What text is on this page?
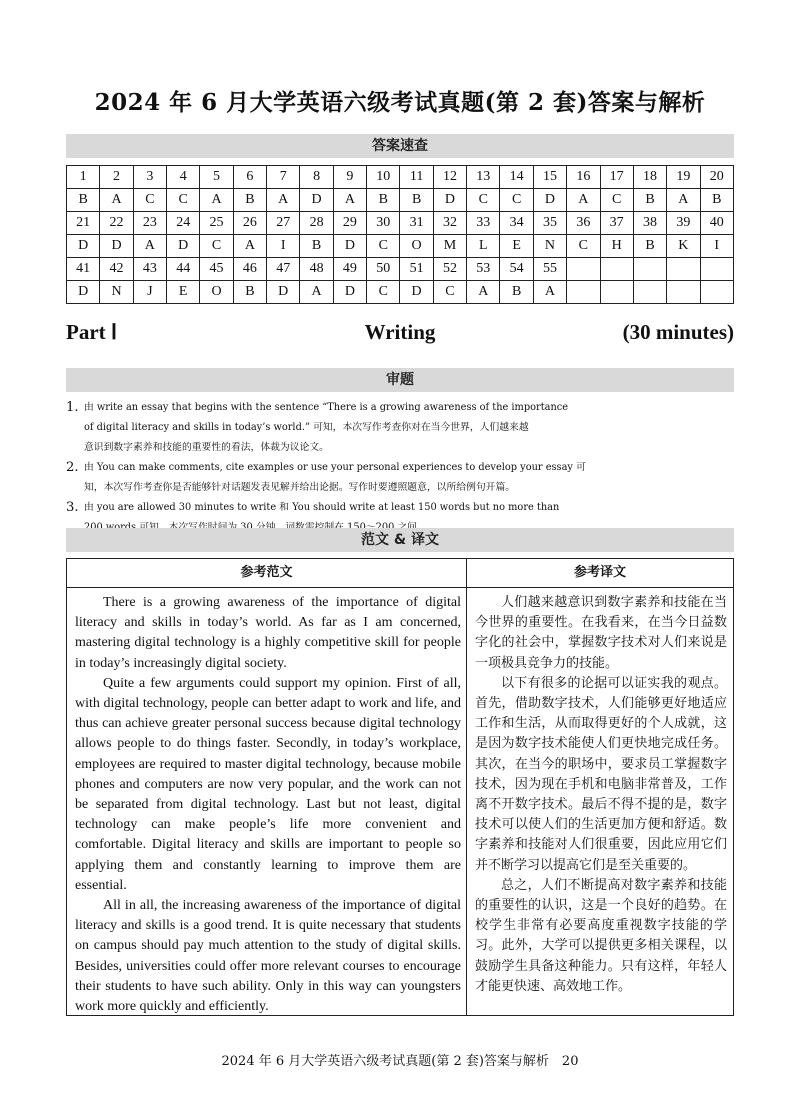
2024 年 6 月大学英语六级考试真题(第 2 套)答案与解析
答案速查
1	2	3	4	5	6	7	8	9	10	11	12	13	14	15	16	17	18	19	20
B	A	C	C	A	B	A	D	A	B	B	D	C	C	D	A	C	B	A	B
21	22	23	24	25	26	27	28	29	30	31	32	33	34	35	36	37	38	39	40
D	D	A	D	C	A	I	B	D	C	O	M	L	E	N	C	H	B	K	I
41	42	43	44	45	46	47	48	49	50	51	52	53	54	55					
D	N	J	E	O	B	D	A	D	C	D	C	A	B	A					
Part Ⅰ	Writing	(30 minutes)
审题
1. 由 write an essay that begins with the sentence “There is a growing awareness of the importance
of digital literacy and skills in today’s world.” 可知，本次写作考查你对在当今世界，人们越来越
意识到数字素养和技能的重要性的看法，体裁为议论文。
2. 由 You can make comments, cite examples or use your personal experiences to develop your essay 可
知，本次写作考查你是否能够针对话题发表见解并给出论据。写作时要遵照题意，以所给例句开篇。
3. 由 you are allowed 30 minutes to write 和 You should write at least 150 words but no more than
范文 & 译文
参考范文	参考译文

There is a growing awareness of the importance of digital literacy and skills in today’s world. As far as I am concerned, mastering digital technology is a highly competitive skill for people in today’s increasingly digital society.

Quite a few arguments could support my opinion. First of all, with digital technology, people can better adapt to work and life, and thus can achieve greater personal success because digital technology allows people to do things faster. Secondly, in today’s workplace, employees are required to master digital technology, because mobile phones and computers are now very popular, and the work can not be separated from digital technology. Last but not least, digital technology can make people’s life more convenient and comfortable. Digital literacy and skills are important to people so applying them and constantly learning to improve them are essential.

All in all, the increasing awareness of the importance of digital literacy and skills is a good trend. It is quite necessary that students on campus should pay much attention to the study of digital skills. Besides, universities could offer more relevant courses to encourage their students to have such ability. Only in this way can youngsters work more quickly and efficiently.

人们越来越意识到数字素养和技能在当今世界的重要性。在我看来，在当今日益数字化的社会中，掌握数字技术对人们来说是一项极具竞争力的技能。

以下有很多的论据可以证实我的观点。首先，借助数字技术，人们能够更好地适应工作和生活，从而取得更好的个人成就，这是因为数字技术能使人们更快地完成任务。其次，在当今的职场中，要求员工掌握数字技术，因为现在手机和电脑非常普及，工作离不开数字技术。最后不得不提的是，数字技术可以使人们的生活更加方便和舒适。数字素养和技能对人们很重要，因此应用它们并不断学习以提高它们是至关重要的。

总之，人们不断提高对数字素养和技能的重要性的认识，这是一个良好的趋势。在校学生非常有必要高度重视数字技能的学习。此外，大学可以提供更多相关课程，以鼓励学生具备这种能力。只有这样，年轻人才能更快速、高效地工作。

2024 年 6 月大学英语六级考试真题(第 2 套)答案与解析　20
